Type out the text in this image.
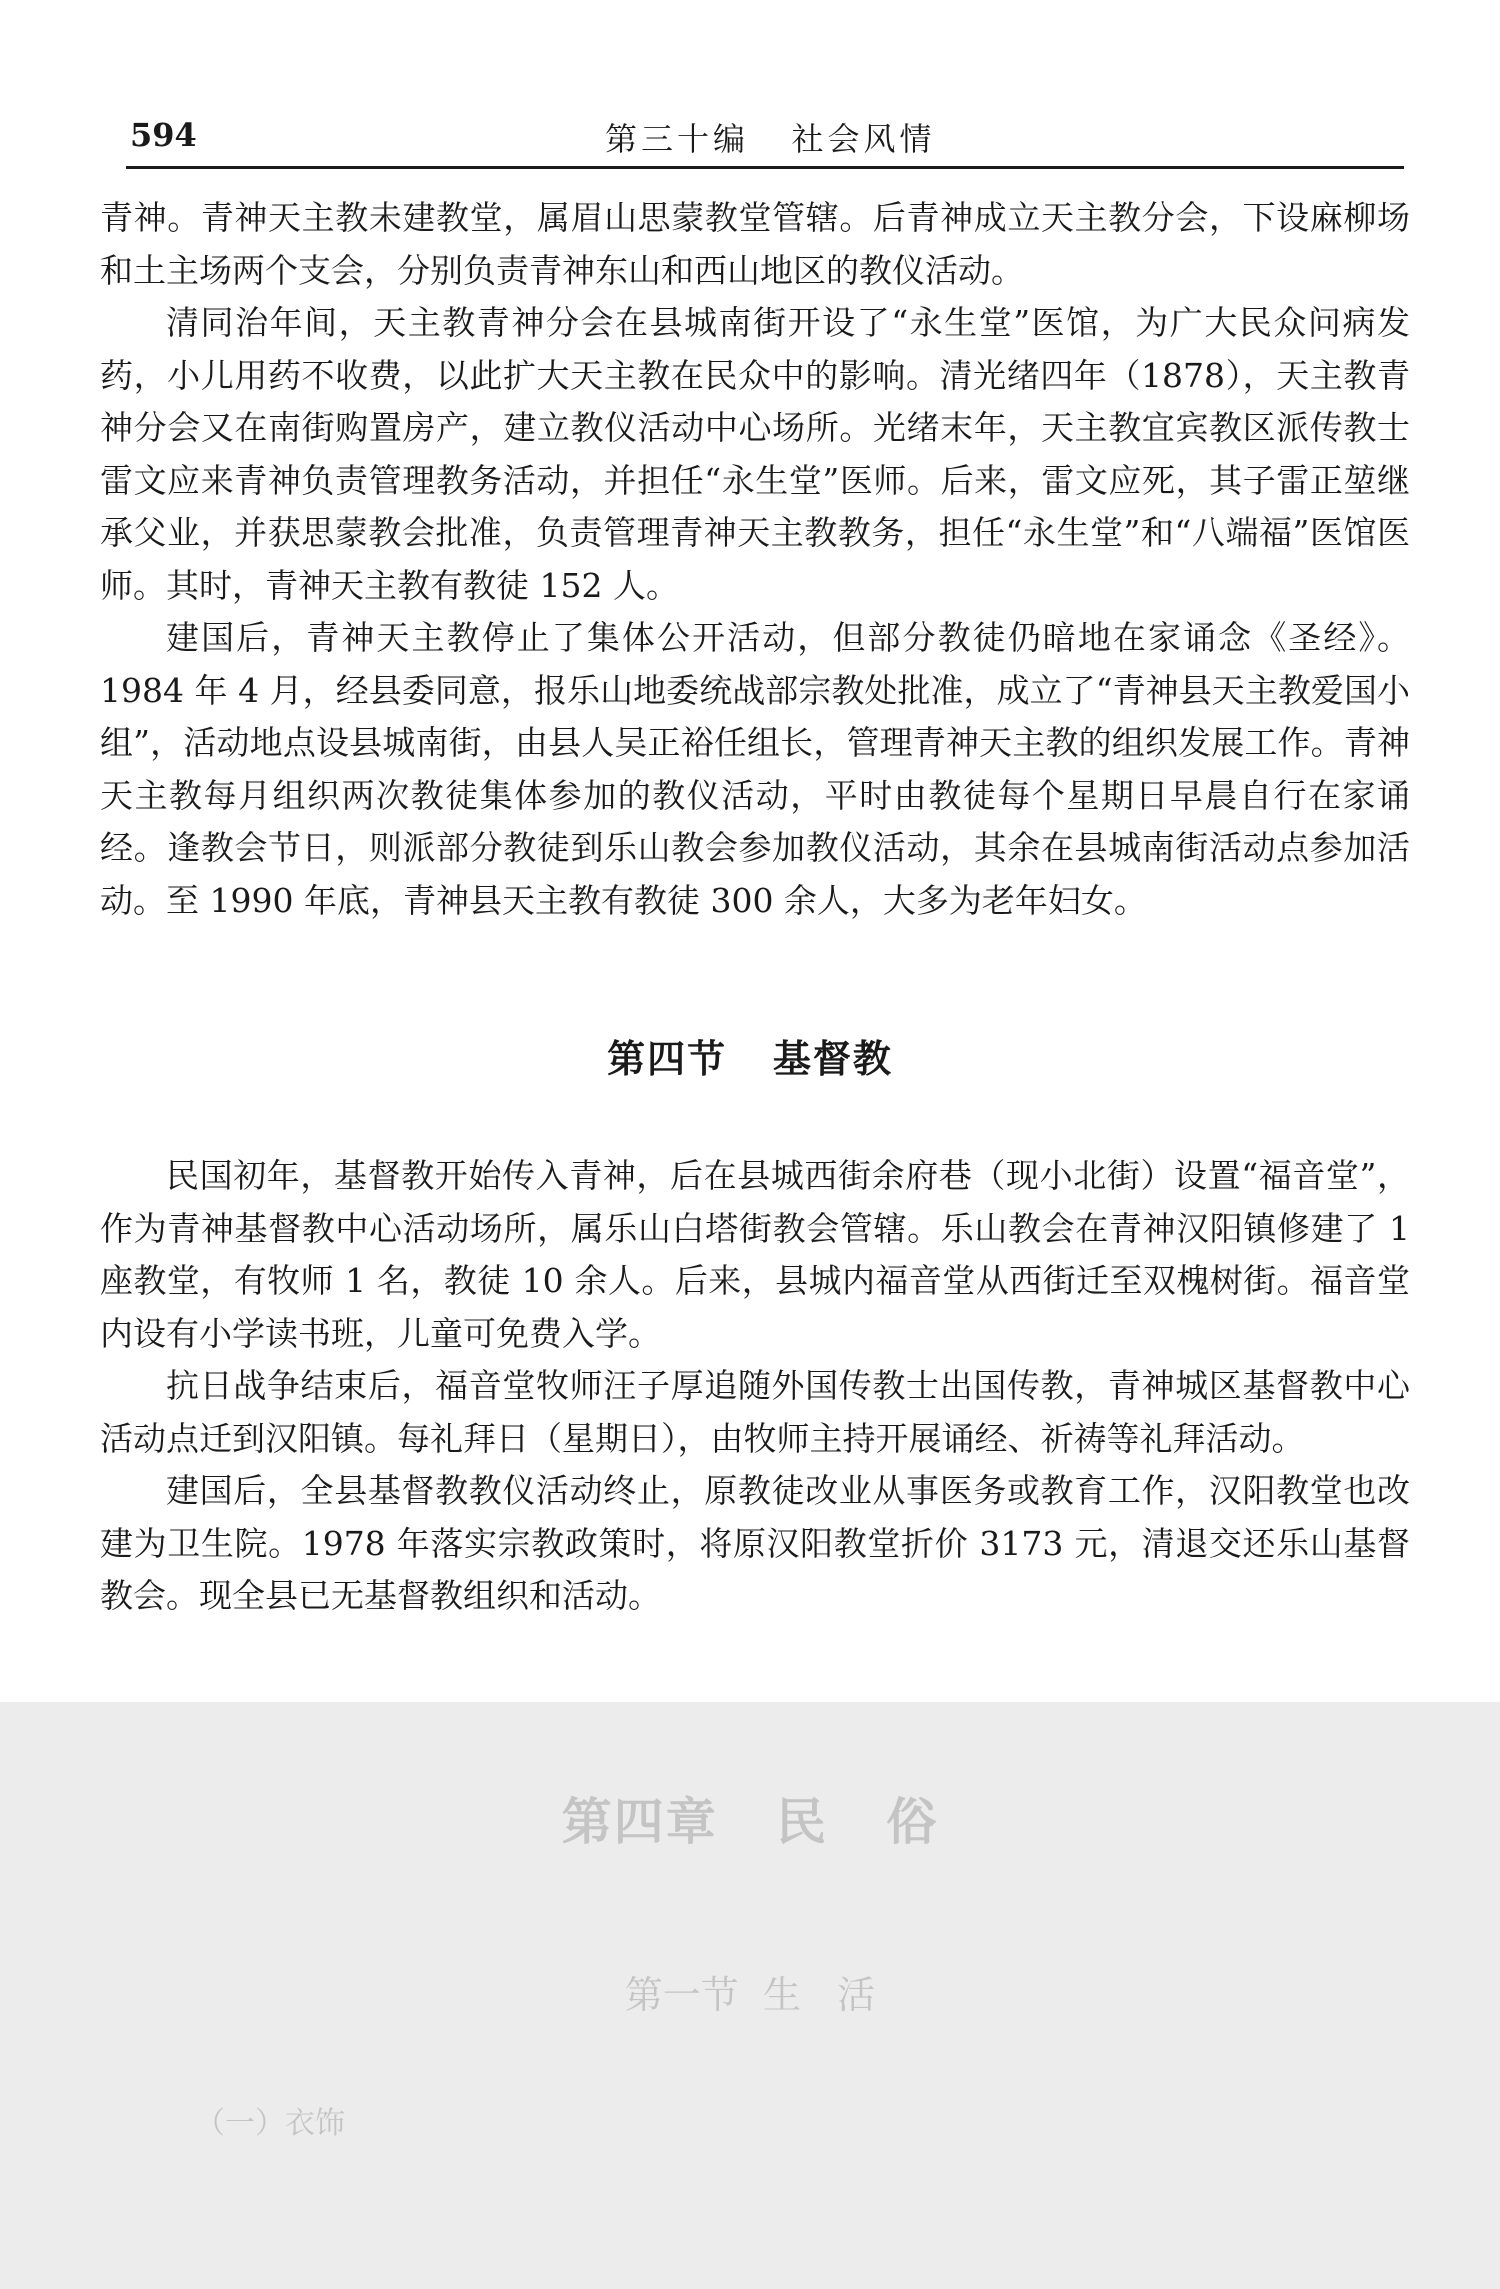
594	第三十编   社会风情

青神。青神天主教未建教堂，属眉山思蒙教堂管辖。后青神成立天主教分会，下设麻柳场和土主场两个支会，分别负责青神东山和西山地区的教仪活动。

清同治年间，天主教青神分会在县城南街开设了“永生堂”医馆，为广大民众问病发药，小儿用药不收费，以此扩大天主教在民众中的影响。清光绪四年（1878），天主教青神分会又在南街购置房产，建立教仪活动中心场所。光绪末年，天主教宜宾教区派传教士雷文应来青神负责管理教务活动，并担任“永生堂”医师。后来，雷文应死，其子雷正堃继承父业，并获思蒙教会批准，负责管理青神天主教教务，担任“永生堂”和“八端福”医馆医师。其时，青神天主教有教徒 152 人。

建国后，青神天主教停止了集体公开活动，但部分教徒仍暗地在家诵念《圣经》。1984 年 4 月，经县委同意，报乐山地委统战部宗教处批准，成立了“青神县天主教爱国小组”，活动地点设县城南街，由县人吴正裕任组长，管理青神天主教的组织发展工作。青神天主教每月组织两次教徒集体参加的教仪活动，平时由教徒每个星期日早晨自行在家诵经。逢教会节日，则派部分教徒到乐山教会参加教仪活动，其余在县城南街活动点参加活动。至 1990 年底，青神县天主教有教徒 300 余人，大多为老年妇女。

第四节   基督教

民国初年，基督教开始传入青神，后在县城西街余府巷（现小北街）设置“福音堂”，作为青神基督教中心活动场所，属乐山白塔街教会管辖。乐山教会在青神汉阳镇修建了 1 座教堂，有牧师 1 名，教徒 10 余人。后来，县城内福音堂从西街迁至双槐树街。福音堂内设有小学读书班，儿童可免费入学。

抗日战争结束后，福音堂牧师汪子厚追随外国传教士出国传教，青神城区基督教中心活动点迁到汉阳镇。每礼拜日（星期日），由牧师主持开展诵经、祈祷等礼拜活动。

建国后，全县基督教教仪活动终止，原教徒改业从事医务或教育工作，汉阳教堂也改建为卫生院。1978 年落实宗教政策时，将原汉阳教堂折价 3173 元，清退交还乐山基督教会。现全县已无基督教组织和活动。

第四章   民   俗
第一节  生   活
（一）衣饰
